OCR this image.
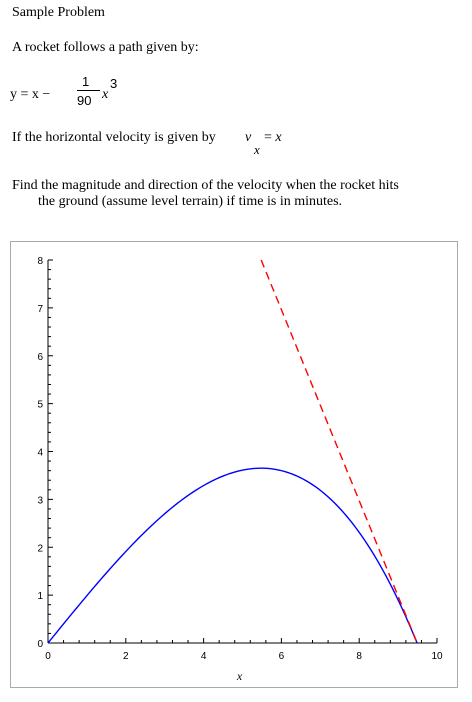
Sample Problem
A rocket follows a path given by:
y = x −
1
90 x
3
If the horizontal velocity is given by v
x
= x
Find the magnitude and direction of the velocity when the rocket hits
the ground (assume level terrain) if time is in minutes.
0	2	4	6	8	10
0
1
2
3
4
5
6
7
8
x
